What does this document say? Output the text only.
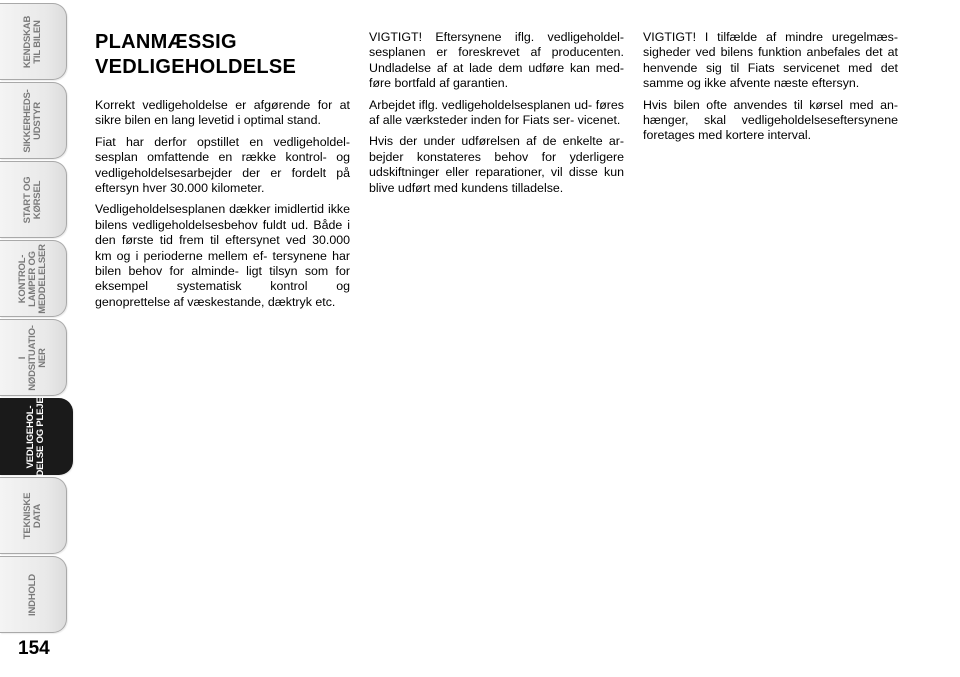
KENDSKAB
TIL BILEN
SIKKERHEDS-
UDSTYR
START OG
KØRSEL
KONTROL-
LAMPER OG
MEDDELELSER
I
NØDSITUATIO-
NER
VEDLIGEHOL-
DELSE OG PLEJE
TEKNISKE
DATA
INDHOLD
154
PLANMÆSSIG
VEDLIGEHOLDELSE

Korrekt vedligeholdelse er afgørende for at sikre bilen en lang levetid i optimal stand.

Fiat har derfor opstillet en vedligeholdel- sesplan omfattende en række kontrol- og vedligeholdelsesarbejder der er fordelt på eftersyn hver 30.000 kilometer.

Vedligeholdelsesplanen dækker imidlertid ikke bilens vedligeholdelsesbehov fuldt ud. Både i den første tid frem til eftersynet ved 30.000 km og i perioderne mellem ef- tersynene har bilen behov for alminde- ligt tilsyn som for eksempel systematisk kontrol og genoprettelse af væskestande, dæktryk etc.

VIGTIGT! Eftersynene iflg. vedligeholdel- sesplanen er foreskrevet af producenten. Undladelse af at lade dem udføre kan med- føre bortfald af garantien.

Arbejdet iflg. vedligeholdelsesplanen ud- føres af alle værksteder inden for Fiats ser- vicenet.

Hvis der under udførelsen af de enkelte ar- bejder konstateres behov for yderligere udskiftninger eller reparationer, vil disse kun blive udført med kundens tilladelse.

VIGTIGT! I tilfælde af mindre uregelmæs- sigheder ved bilens funktion anbefales det at henvende sig til Fiats servicenet med det samme og ikke afvente næste eftersyn.

Hvis bilen ofte anvendes til kørsel med an- hænger, skal vedligeholdelseseftersynene foretages med kortere interval.
